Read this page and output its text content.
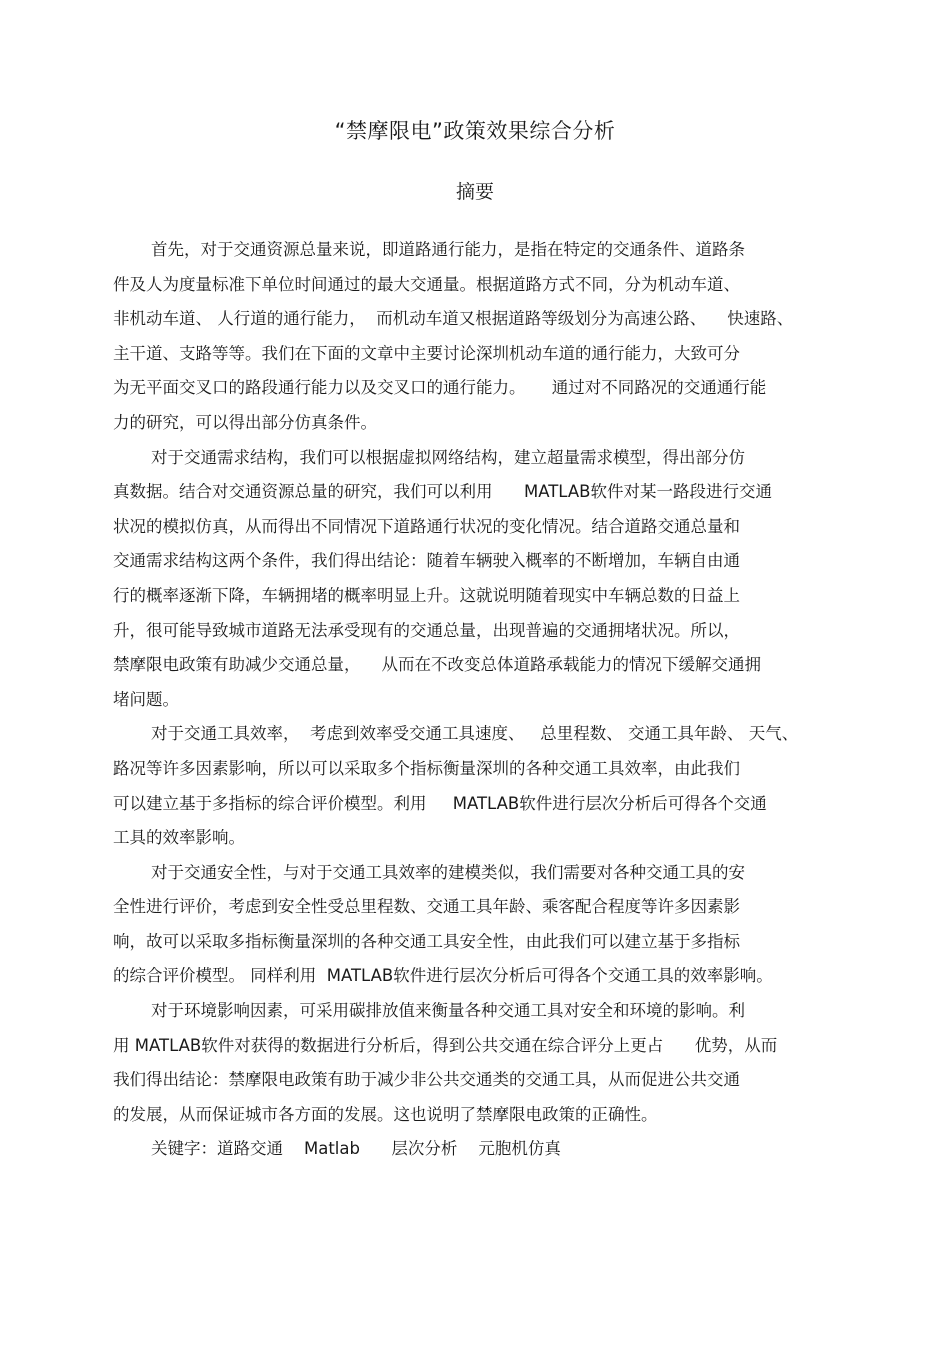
“禁摩限电”政策效果综合分析
摘要
首先，对于交通资源总量来说，即道路通行能力，是指在特定的交通条件、道路条
件及人为度量标准下单位时间通过的最大交通量。根据道路方式不同，分为机动车道、
非机动车道、 人行道的通行能力，  而机动车道又根据道路等级划分为高速公路、    快速路、
主干道、支路等等。我们在下面的文章中主要讨论深圳机动车道的通行能力，大致可分
为无平面交叉口的路段通行能力以及交叉口的通行能力。     通过对不同路况的交通通行能
力的研究，可以得出部分仿真条件。
对于交通需求结构，我们可以根据虚拟网络结构，建立超量需求模型，得出部分仿
真数据。结合对交通资源总量的研究，我们可以利用      MATLAB软件对某一路段进行交通
状况的模拟仿真，从而得出不同情况下道路通行状况的变化情况。结合道路交通总量和
交通需求结构这两个条件，我们得出结论：随着车辆驶入概率的不断增加，车辆自由通
行的概率逐渐下降，车辆拥堵的概率明显上升。这就说明随着现实中车辆总数的日益上
升，很可能导致城市道路无法承受现有的交通总量，出现普遍的交通拥堵状况。所以，
禁摩限电政策有助减少交通总量，    从而在不改变总体道路承载能力的情况下缓解交通拥
堵问题。
对于交通工具效率，  考虑到效率受交通工具速度、   总里程数、 交通工具年龄、 天气、
路况等许多因素影响，所以可以采取多个指标衡量深圳的各种交通工具效率，由此我们
可以建立基于多指标的综合评价模型。利用     MATLAB软件进行层次分析后可得各个交通
工具的效率影响。
对于交通安全性，与对于交通工具效率的建模类似，我们需要对各种交通工具的安
全性进行评价，考虑到安全性受总里程数、交通工具年龄、乘客配合程度等许多因素影
响，故可以采取多指标衡量深圳的各种交通工具安全性，由此我们可以建立基于多指标
的综合评价模型。 同样利用  MATLAB软件进行层次分析后可得各个交通工具的效率影响。
对于环境影响因素，可采用碳排放值来衡量各种交通工具对安全和环境的影响。利
用 MATLAB软件对获得的数据进行分析后，得到公共交通在综合评分上更占      优势，从而
我们得出结论：禁摩限电政策有助于减少非公共交通类的交通工具，从而促进公共交通
的发展，从而保证城市各方面的发展。这也说明了禁摩限电政策的正确性。
关键字：道路交通    Matlab      层次分析    元胞机仿真
